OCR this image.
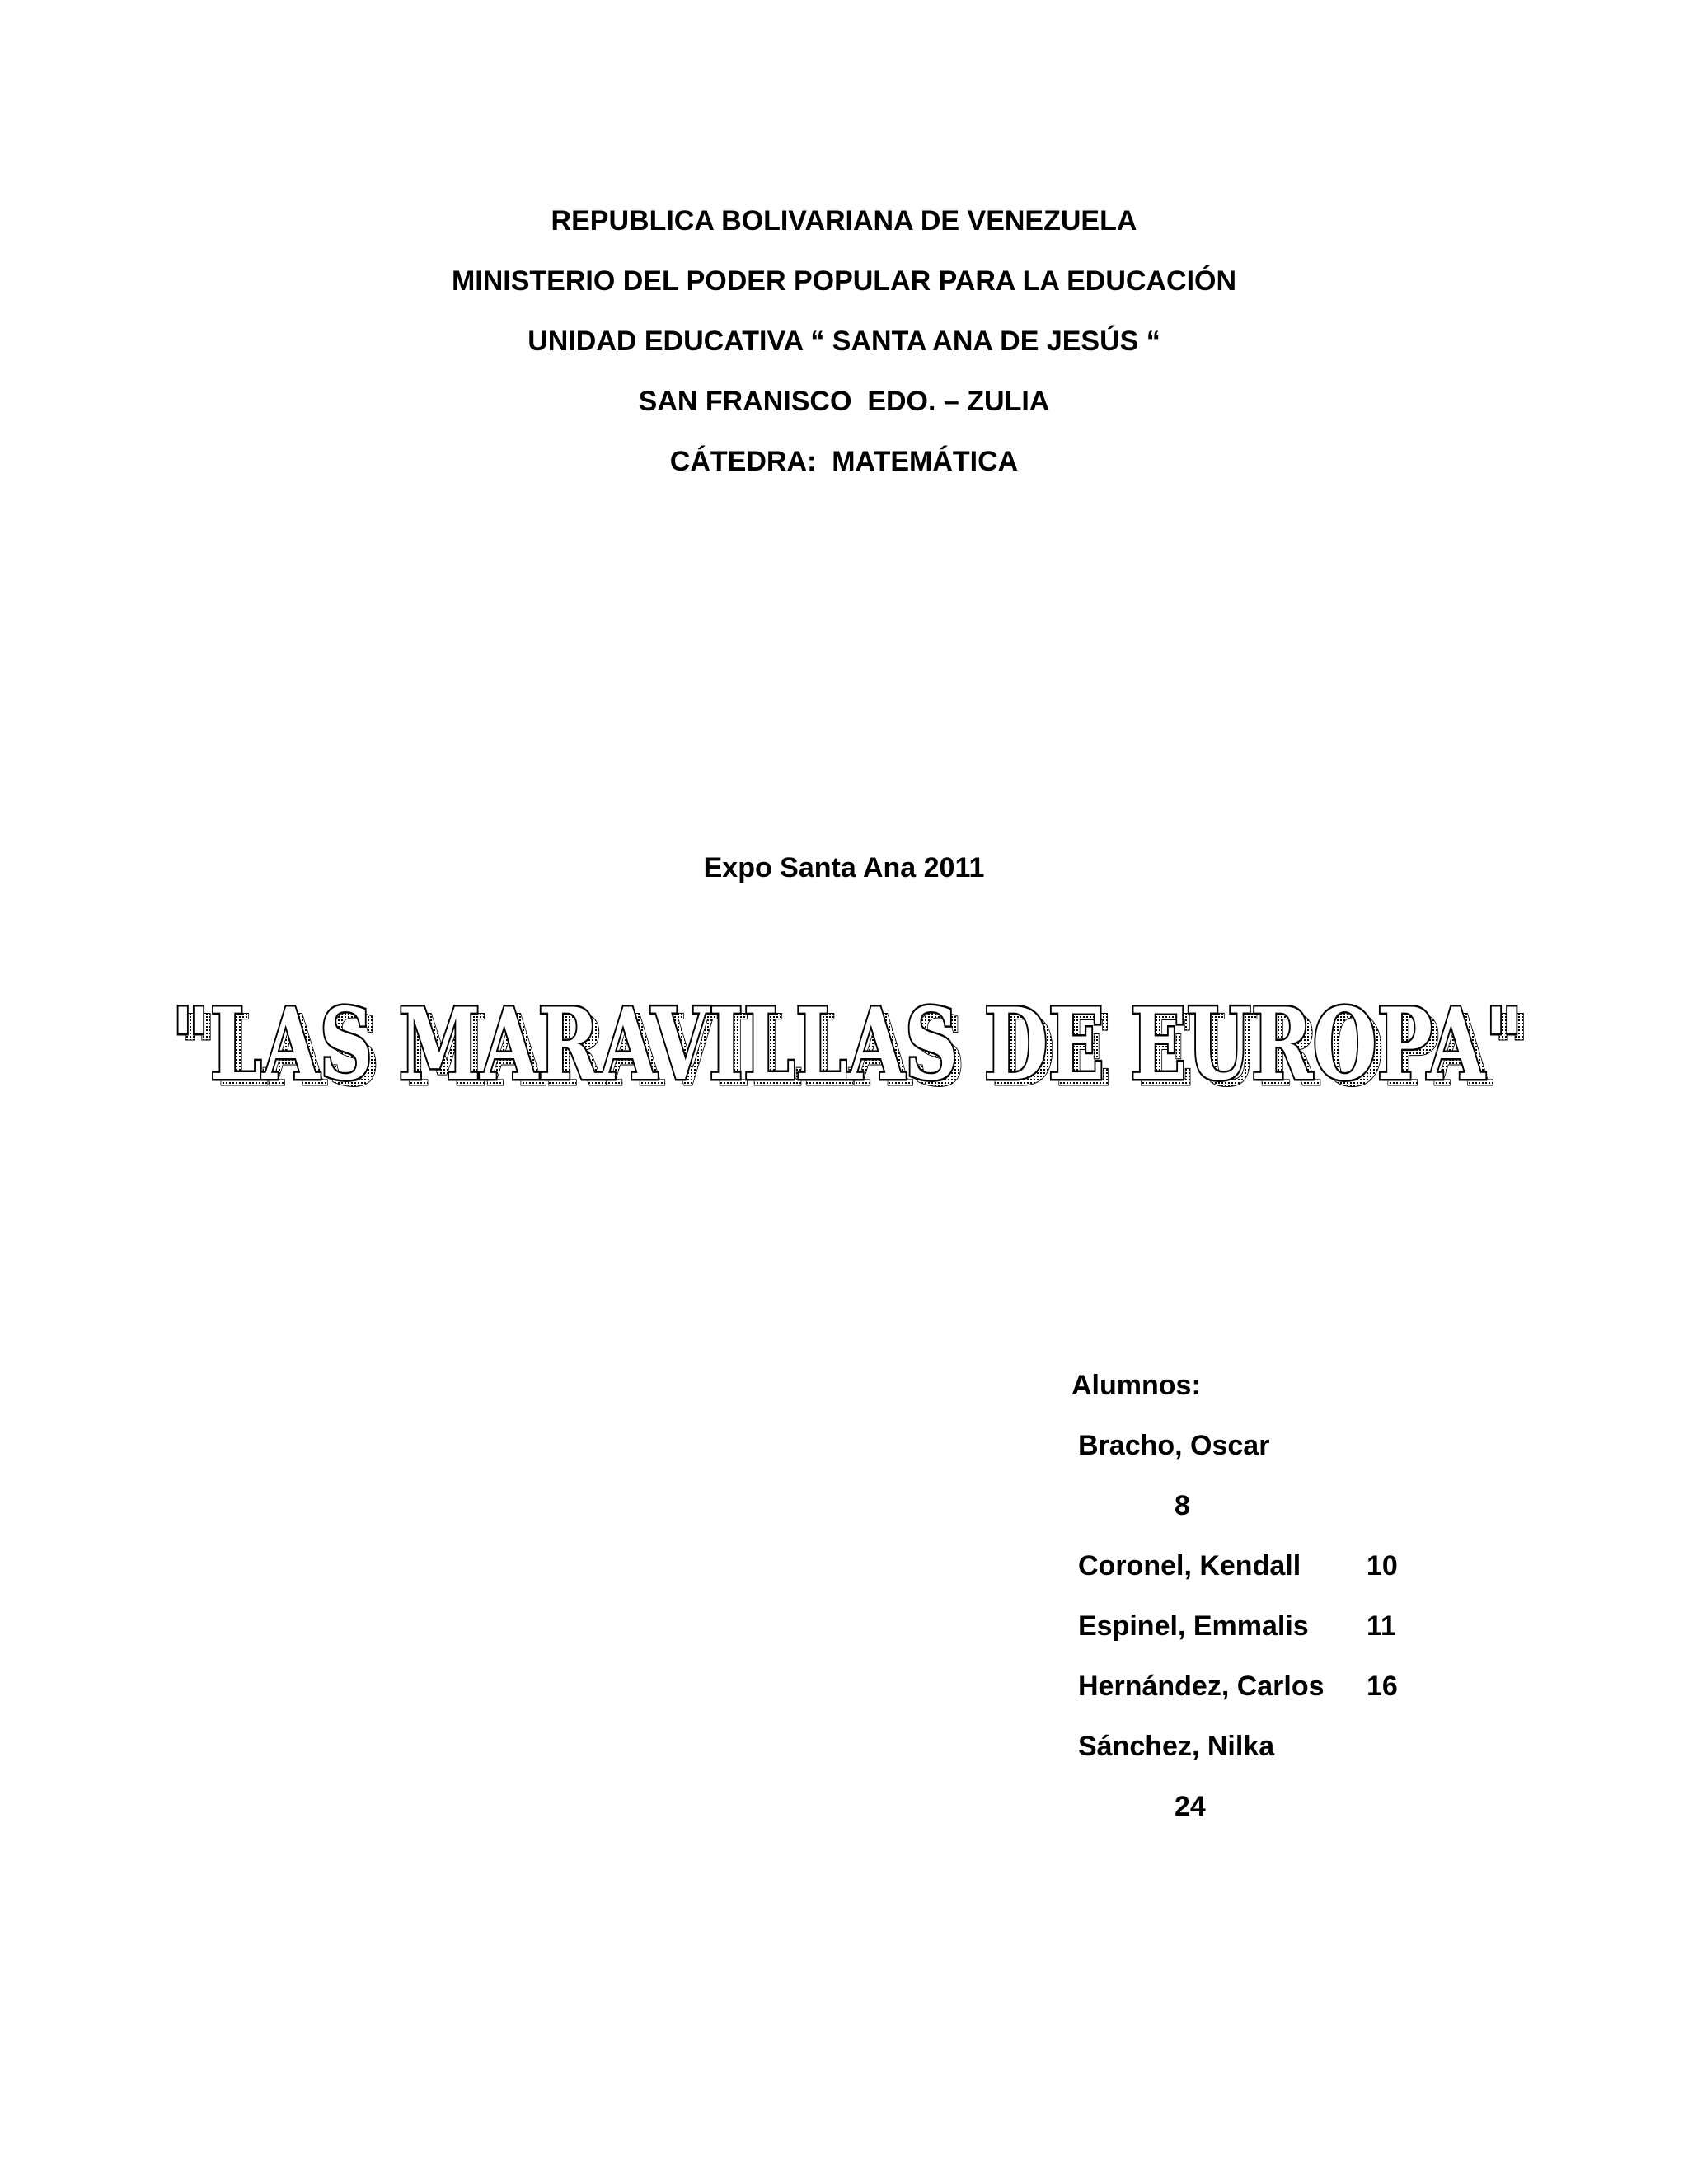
REPUBLICA BOLIVARIANA DE VENEZUELA
MINISTERIO DEL PODER POPULAR PARA LA EDUCACIÓN
UNIDAD EDUCATIVA “ SANTA ANA DE JESÚS “
SAN FRANISCO  EDO. – ZULIA
CÁTEDRA:  MATEMÁTICA
Expo Santa Ana 2011
"LAS MARAVILLAS DE EUROPA"
"LAS MARAVILLAS DE EUROPA"
Alumnos:
Bracho, Oscar
8
Coronel, Kendall 10
Espinel, Emmalis 11
Hernández, Carlos 16
Sánchez, Nilka
24
